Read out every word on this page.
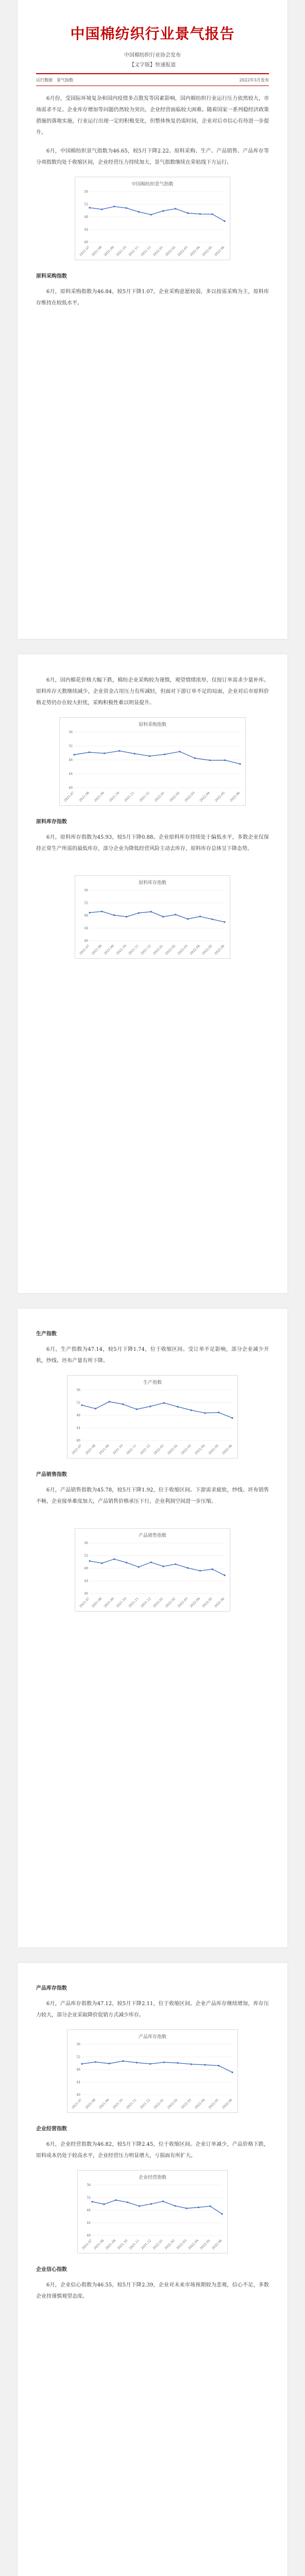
中国棉纺织行业景气报告
中国棉纺织行业协会发布
【文字版】快速报道
运行数据　 景气指数	2022年3月发布

6月份，受国际环境复杂和国内疫情多点散发等因素影响，国内棉纺织行业运行压力依然较大，市场需求不足、企业库存增加等问题仍然较为突出，企业经营面临较大困难。随着国家一系列稳经济政策措施的落地实施，行业运行出现一定的积极变化，但整体恢复仍需时间，企业对后市信心有待进一步提升。

6月，中国棉纺织景气指数为46.65，较5月下降2.22。原料采购、生产、产品销售、产品库存等分项指数均处于收缩区间，企业经营压力持续加大，景气指数继续在荣枯线下方运行。

中国棉纺织景气指数
40
44
48
52
56
2021.07 2021.08 2021.09 2021.10 2021.11 2021.12 2022.01 2022.02 2022.03 2022.04 2022.05 2022.06
原料采购指数

6月，原料采购指数为46.84，较5月下降1.07，企业采购意愿较弱，多以按需采购为主，原料库存维持在较低水平。

6月，国内棉花价格大幅下跌，棉纺企业采购较为谨慎，观望情绪浓厚，仅按订单需求少量补库。原料库存天数继续减少，企业资金占用压力有所减轻，但面对下游订单不足的局面，企业对后市原料价格走势仍存在较大担忧，采购积极性难以明显提升。

原料采购指数
40
44
48
52
56
2021.07 2021.08 2021.09 2021.10 2021.11 2021.12 2022.01 2022.02 2022.03 2022.04 2022.05 2022.06
原料库存指数

6月，原料库存指数为45.93，较5月下降0.88。企业原料库存持续处于偏低水平，多数企业仅保持正常生产所需的最低库存，部分企业为降低经营风险主动去库存，原料库存总体呈下降态势。

原料库存指数
40
44
48
52
56
2021.07 2021.08 2021.09 2021.10 2021.11 2021.12 2022.01 2022.02 2022.03 2022.04 2022.05 2022.06
生产指数

6月，生产指数为47.14，较5月下降1.74，位于收缩区间。受订单不足影响，部分企业减少开机，纱线、坯布产量有所下降。

生产指数
40
44
48
52
56
2021.07 2021.08 2021.09 2021.10 2021.11 2021.12 2022.01 2022.02 2022.03 2022.04 2022.05 2022.06
产品销售指数

6月，产品销售指数为45.78，较5月下降1.92，位于收缩区间。下游需求疲软，纱线、坯布销售不畅，企业接单难度加大，产品销售价格承压下行，企业利润空间进一步压缩。

产品销售指数
40
44
48
52
56
2021.07 2021.08 2021.09 2021.10 2021.11 2021.12 2022.01 2022.02 2022.03 2022.04 2022.05 2022.06
产品库存指数

6月，产品库存指数为47.12，较5月下降2.11，位于收缩区间。企业产品库存继续增加，库存压力较大，部分企业采取降价促销方式减少库存。

产品库存指数
40
44
48
52
56
2021.07 2021.08 2021.09 2021.10 2021.11 2021.12 2022.01 2022.02 2022.03 2022.04 2022.05 2022.06
企业经营指数

6月，企业经营指数为46.82，较5月下降2.45，位于收缩区间。企业订单减少，产品价格下跌，原料成本仍处于较高水平，企业经营压力明显增大，亏损面有所扩大。

企业经营指数
40
44
48
52
56
2021.07 2021.08 2021.09 2021.10 2021.11 2021.12 2022.01 2022.02 2022.03 2022.04 2022.05 2022.06
企业信心指数

6月，企业信心指数为46.55，较5月下降2.39，企业对未来市场预期较为悲观，信心不足，多数企业持谨慎观望态度。
